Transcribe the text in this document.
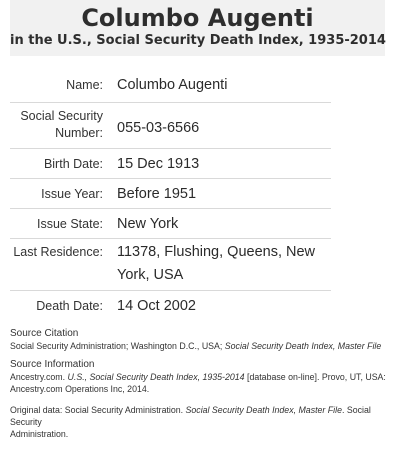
Columbo Augenti
in the U.S., Social Security Death Index, 1935-2014
Name: Columbo Augenti
Social Security
Number: 055-03-6566
Birth Date: 15 Dec 1913
Issue Year: Before 1951
Issue State: New York
Last Residence: 11378, Flushing, Queens, New
York, USA
Death Date: 14 Oct 2002
Source Citation
Social Security Administration; Washington D.C., USA; Social Security Death Index, Master File
Source Information
Ancestry.com. U.S., Social Security Death Index, 1935-2014 [database on-line]. Provo, UT, USA:
Ancestry.com Operations Inc, 2014.
Original data: Social Security Administration. Social Security Death Index, Master File. Social Security
Administration.
